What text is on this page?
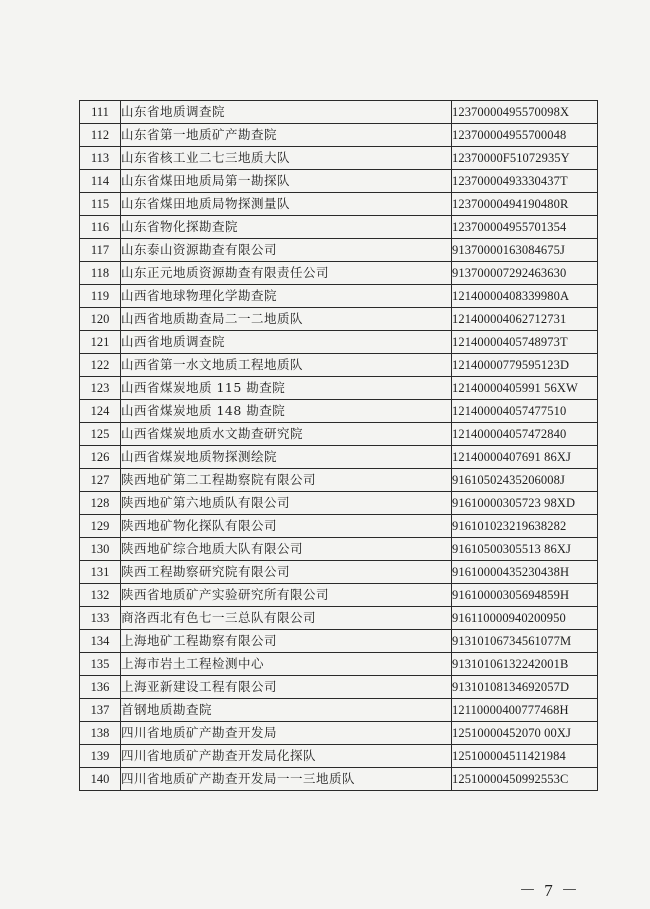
111	山东省地质调查院	12370000495570098X
112	山东省第一地质矿产勘查院	123700004955700048
113	山东省核工业二七三地质大队	12370000F51072935Y
114	山东省煤田地质局第一勘探队	12370000493330437T
115	山东省煤田地质局物探测量队	12370000494190480R
116	山东省物化探勘查院	123700004955701354
117	山东泰山资源勘查有限公司	91370000163084675J
118	山东正元地质资源勘查有限责任公司	913700007292463630
119	山西省地球物理化学勘查院	12140000408339980A
120	山西省地质勘查局二一二地质队	121400004062712731
121	山西省地质调查院	12140000405748973T
122	山西省第一水文地质工程地质队	12140000779595123D
123	山西省煤炭地质 115 勘查院	12140000405991 56XW
124	山西省煤炭地质 148 勘查院	121400004057477510
125	山西省煤炭地质水文勘查研究院	121400004057472840
126	山西省煤炭地质物探测绘院	12140000407691 86XJ
127	陕西地矿第二工程勘察院有限公司	91610502435206008J
128	陕西地矿第六地质队有限公司	91610000305723 98XD
129	陕西地矿物化探队有限公司	916101023219638282
130	陕西地矿综合地质大队有限公司	91610500305513 86XJ
131	陕西工程勘察研究院有限公司	91610000435230438H
132	陕西省地质矿产实验研究所有限公司	91610000305694859H
133	商洛西北有色七一三总队有限公司	916110000940200950
134	上海地矿工程勘察有限公司	91310106734561077M
135	上海市岩土工程检测中心	91310106132242001B
136	上海亚新建设工程有限公司	91310108134692057D
137	首钢地质勘查院	12110000400777468H
138	四川省地质矿产勘查开发局	12510000452070 00XJ
139	四川省地质矿产勘查开发局化探队	125100004511421984
140	四川省地质矿产勘查开发局一一三地质队	12510000450992553C
－ 7 －
